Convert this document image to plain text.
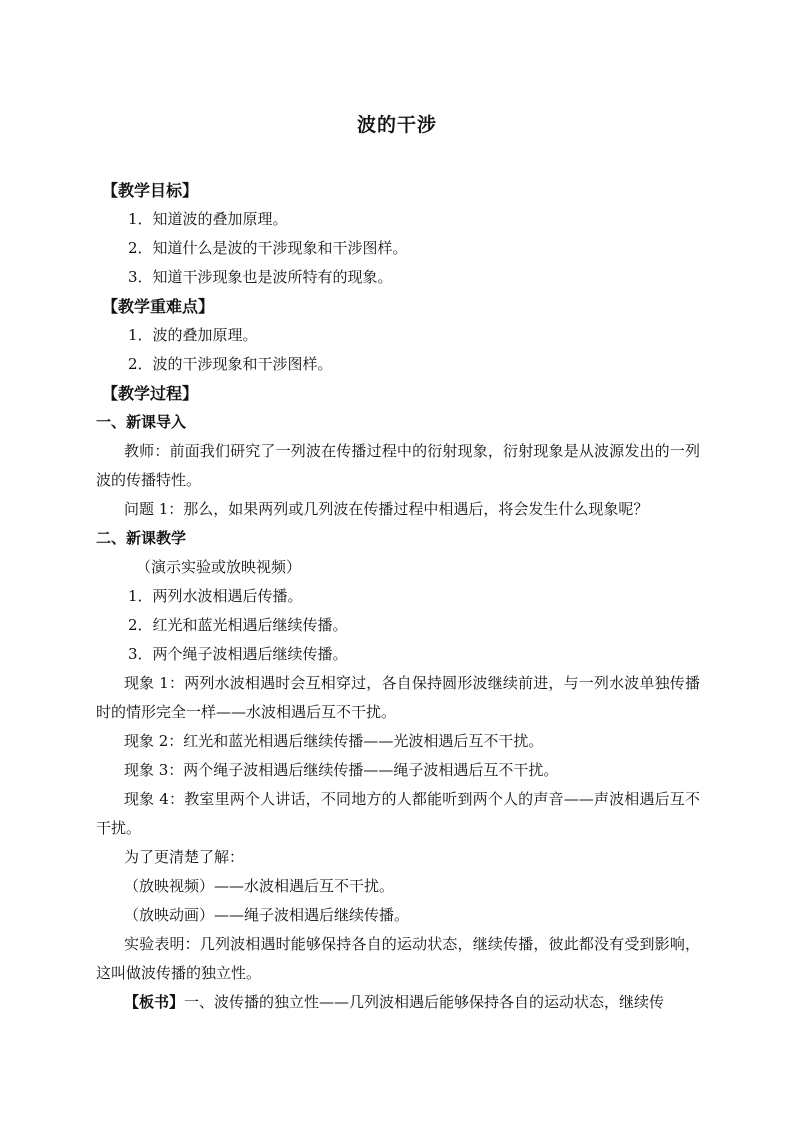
波的干涉
【教学目标】
1．知道波的叠加原理。
2．知道什么是波的干涉现象和干涉图样。
3．知道干涉现象也是波所特有的现象。
【教学重难点】
1．波的叠加原理。
2．波的干涉现象和干涉图样。
【教学过程】
一、新课导入
教师：前面我们研究了一列波在传播过程中的衍射现象，衍射现象是从波源发出的一列波的传播特性。
问题 1：那么，如果两列或几列波在传播过程中相遇后，将会发生什么现象呢？
二、新课教学
（演示实验或放映视频）
1．两列水波相遇后传播。
2．红光和蓝光相遇后继续传播。
3．两个绳子波相遇后继续传播。
现象 1：两列水波相遇时会互相穿过，各自保持圆形波继续前进，与一列水波单独传播时的情形完全一样——水波相遇后互不干扰。
现象 2：红光和蓝光相遇后继续传播——光波相遇后互不干扰。
现象 3：两个绳子波相遇后继续传播——绳子波相遇后互不干扰。
现象 4：教室里两个人讲话，不同地方的人都能听到两个人的声音——声波相遇后互不干扰。
为了更清楚了解：
（放映视频）——水波相遇后互不干扰。
（放映动画）——绳子波相遇后继续传播。
实验表明：几列波相遇时能够保持各自的运动状态，继续传播，彼此都没有受到影响，这叫做波传播的独立性。
【板书】一、波传播的独立性——几列波相遇后能够保持各自的运动状态，继续传
